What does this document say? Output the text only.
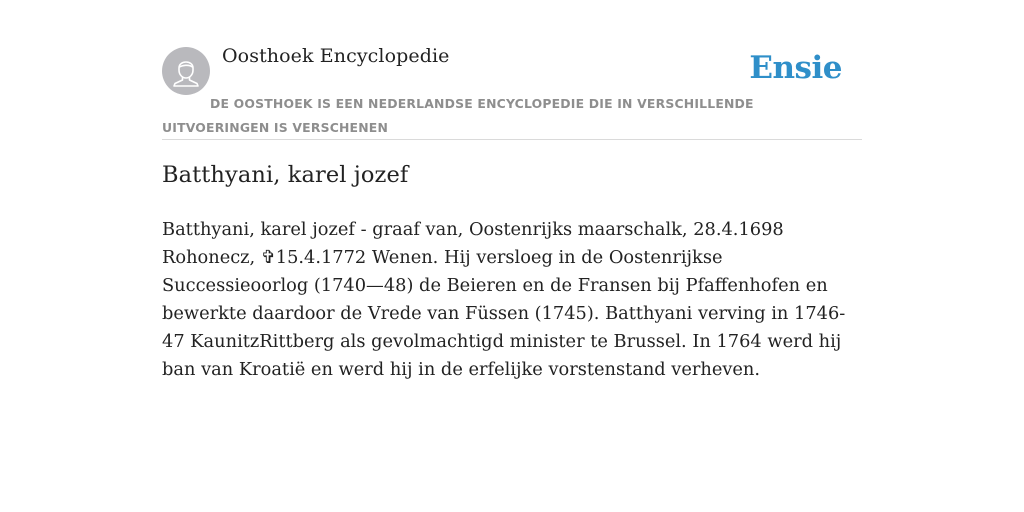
Oosthoek Encyclopedie	Ensie
DE OOSTHOEK IS EEN NEDERLANDSE ENCYCLOPEDIE DIE IN VERSCHILLENDE UITVOERINGEN IS VERSCHENEN
Batthyani, karel jozef

Batthyani, karel jozef - graaf van, Oostenrijks maarschalk, 28.4.1698 Rohonecz, ✞15.4.1772 Wenen. Hij versloeg in de Oostenrijkse Successieoorlog (1740—48) de Beieren en de Fransen bij Pfaffenhofen en bewerkte daardoor de Vrede van Füssen (1745). Batthyani verving in 1746-47 KaunitzRittberg als gevolmachtigd minister te Brussel. In 1764 werd hij ban van Kroatië en werd hij in de erfelijke vorstenstand verheven.
